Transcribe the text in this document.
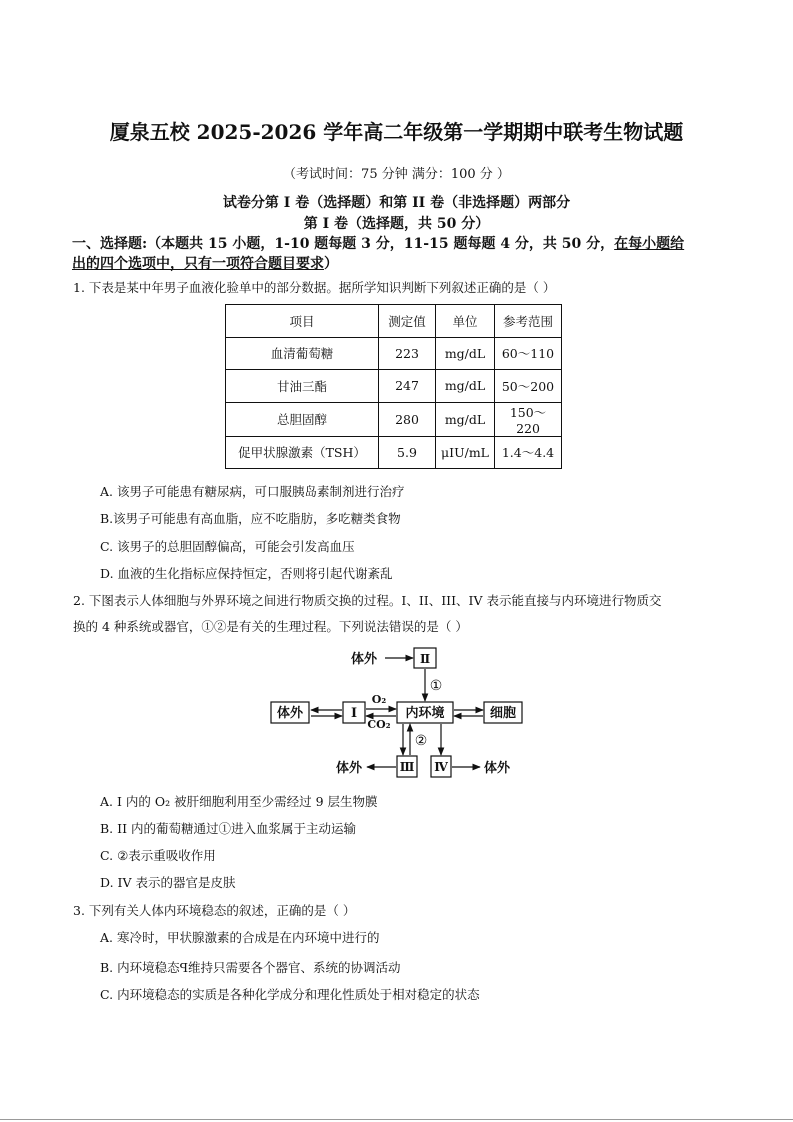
厦泉五校 2025-2026 学年高二年级第一学期期中联考生物试题
（考试时间：75 分钟 满分：100 分 ）
试卷分第 I 卷（选择题）和第 II 卷（非选择题）两部分
第 I 卷（选择题，共 50 分）
一、选择题:（本题共 15 小题，1-10 题每题 3 分，11-15 题每题 4 分，共 50 分，在每小题给
出的四个选项中，只有一项符合题目要求）
1. 下表是某中年男子血液化验单中的部分数据。据所学知识判断下列叙述正确的是（ ）
项目	测定值	单位	参考范围
血清葡萄糖	223	mg/dL	60～110
甘油三酯	247	mg/dL	50～200
总胆固醇	280	mg/dL	150～220
促甲状腺激素（TSH）	5.9	μIU/mL	1.4～4.4
A. 该男子可能患有糖尿病，可口服胰岛素制剂进行治疗
B.该男子可能患有高血脂，应不吃脂肪，多吃糖类食物
C. 该男子的总胆固醇偏高，可能会引发高血压
D. 血液的生化指标应保持恒定，否则将引起代谢紊乱
2. 下图表示人体细胞与外界环境之间进行物质交换的过程。I、II、III、IV 表示能直接与内环境进行物质交
换的 4 种系统或器官，①②是有关的生理过程。下列说法错误的是（ ）
体外	Ⅱ
①
体外	I
O₂
CO₂
内环境	细胞
②
Ⅲ Ⅳ
体外	体外
A. I 内的 O₂ 被肝细胞利用至少需经过 9 层生物膜
B. II 内的葡萄糖通过①进入血浆属于主动运输
C. ②表示重吸收作用
D. IV 表示的器官是皮肤
3. 下列有关人体内环境稳态的叙述，正确的是（ ）
A. 寒冷时，甲状腺激素的合成是在内环境中进行的
B. 内环境稳态ꟼ维持只需要各个器官、系统的协调活动
C. 内环境稳态的实质是各种化学成分和理化性质处于相对稳定的状态
